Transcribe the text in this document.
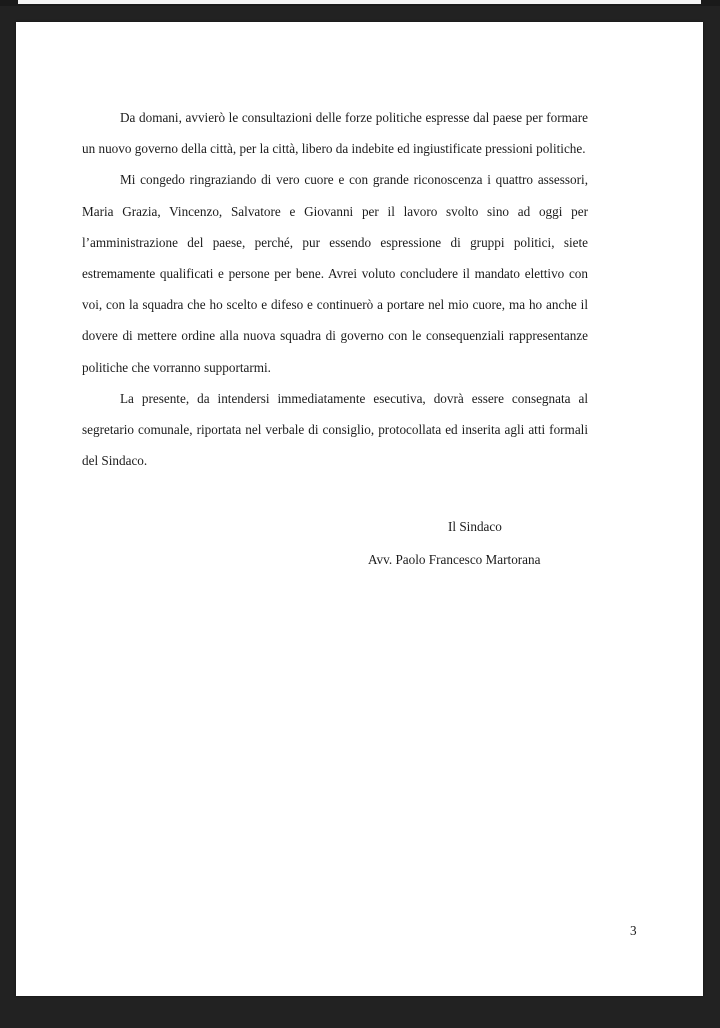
Da domani, avvierò le consultazioni delle forze politiche espresse dal paese per formare un nuovo governo della città, per la città, libero da indebite ed ingiustificate pressioni politiche.

Mi congedo ringraziando di vero cuore e con grande riconoscenza i quattro assessori, Maria Grazia, Vincenzo, Salvatore e Giovanni per il lavoro svolto sino ad oggi per l’amministrazione del paese, perché, pur essendo espressione di gruppi politici, siete estremamente qualificati e persone per bene. Avrei voluto concludere il mandato elettivo con voi, con la squadra che ho scelto e difeso e continuerò a portare nel mio cuore, ma ho anche il dovere di mettere ordine alla nuova squadra di governo con le consequenziali rappresentanze politiche che vorranno supportarmi.

La presente, da intendersi immediatamente esecutiva, dovrà essere consegnata al segretario comunale, riportata nel verbale di consiglio, protocollata ed inserita agli atti formali del Sindaco.

Il Sindaco
Avv. Paolo Francesco Martorana
3
